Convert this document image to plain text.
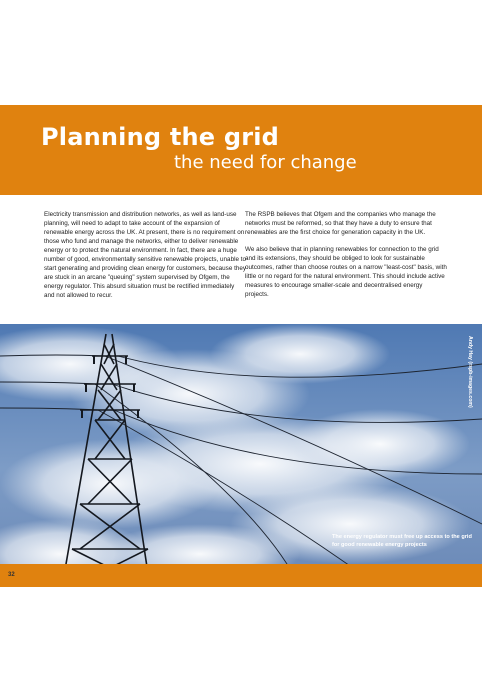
Planning the grid
the need for change

Electricity transmission and distribution networks, as well as land-use planning, will need to adapt to take account of the expansion of renewable energy across the UK. At present, there is no requirement on those who fund and manage the networks, either to deliver renewable energy or to protect the natural environment. In fact, there are a huge number of good, environmentally sensitive renewable projects, unable to start generating and providing clean energy for customers, because they are stuck in an arcane "queuing" system supervised by Ofgem, the energy regulator. This absurd situation must be rectified immediately and not allowed to recur.

The RSPB believes that Ofgem and the companies who manage the networks must be reformed, so that they have a duty to ensure that renewables are the first choice for generation capacity in the UK.

We also believe that in planning renewables for connection to the grid and its extensions, they should be obliged to look for sustainable outcomes, rather than choose routes on a narrow "least-cost" basis, with little or no regard for the natural environment. This should include active measures to encourage smaller-scale and decentralised energy projects.

Andy Hay (rspb-images.com)
32
The energy regulator must free up access to the grid for good renewable energy projects
